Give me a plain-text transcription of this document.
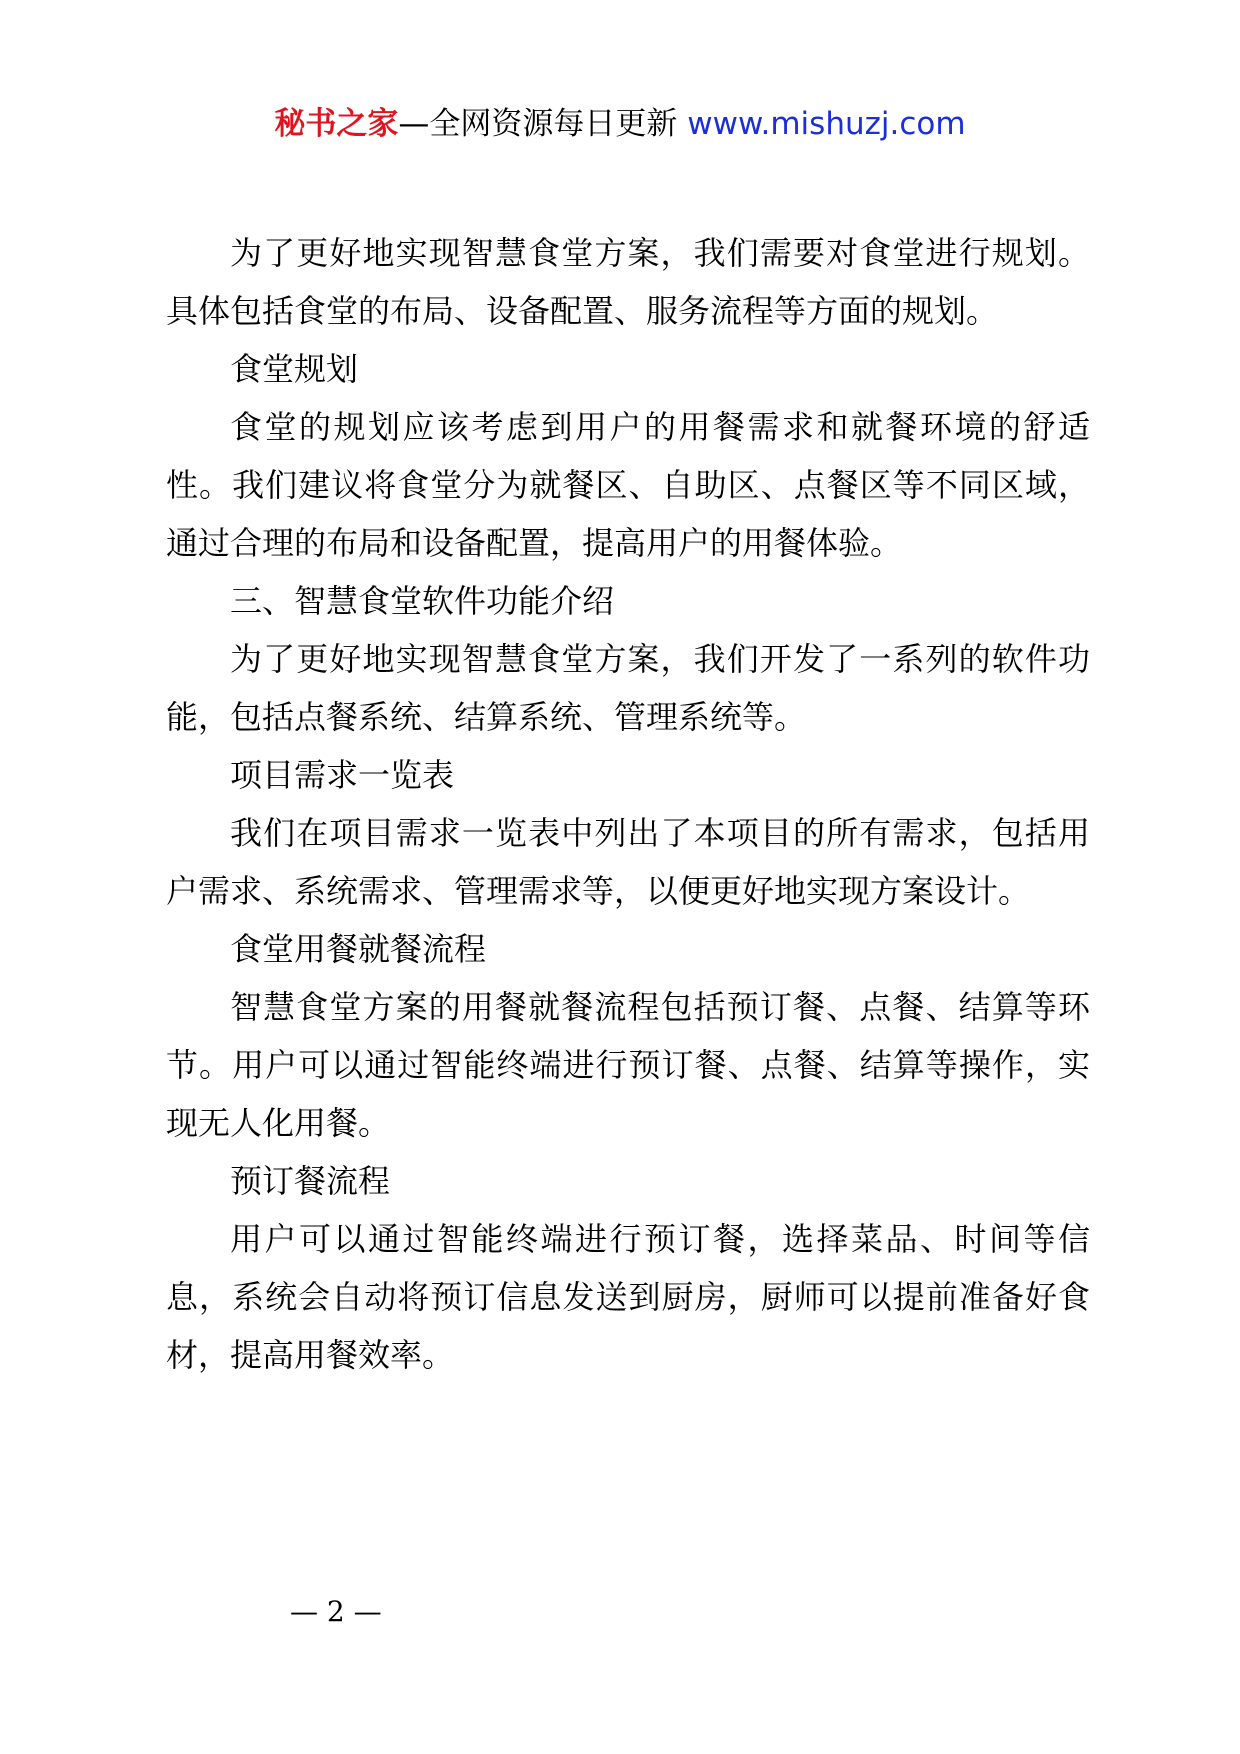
秘书之家—全网资源每日更新 www.mishuzj.com

为了更好地实现智慧食堂方案，我们需要对食堂进行规划。具体包括食堂的布局、设备配置、服务流程等方面的规划。

食堂规划

食堂的规划应该考虑到用户的用餐需求和就餐环境的舒适性。我们建议将食堂分为就餐区、自助区、点餐区等不同区域，通过合理的布局和设备配置，提高用户的用餐体验。

三、智慧食堂软件功能介绍

为了更好地实现智慧食堂方案，我们开发了一系列的软件功能，包括点餐系统、结算系统、管理系统等。

项目需求一览表

我们在项目需求一览表中列出了本项目的所有需求，包括用户需求、系统需求、管理需求等，以便更好地实现方案设计。

食堂用餐就餐流程

智慧食堂方案的用餐就餐流程包括预订餐、点餐、结算等环节。用户可以通过智能终端进行预订餐、点餐、结算等操作，实现无人化用餐。

预订餐流程

用户可以通过智能终端进行预订餐，选择菜品、时间等信息，系统会自动将预订信息发送到厨房，厨师可以提前准备好食材，提高用餐效率。

— 2 —
